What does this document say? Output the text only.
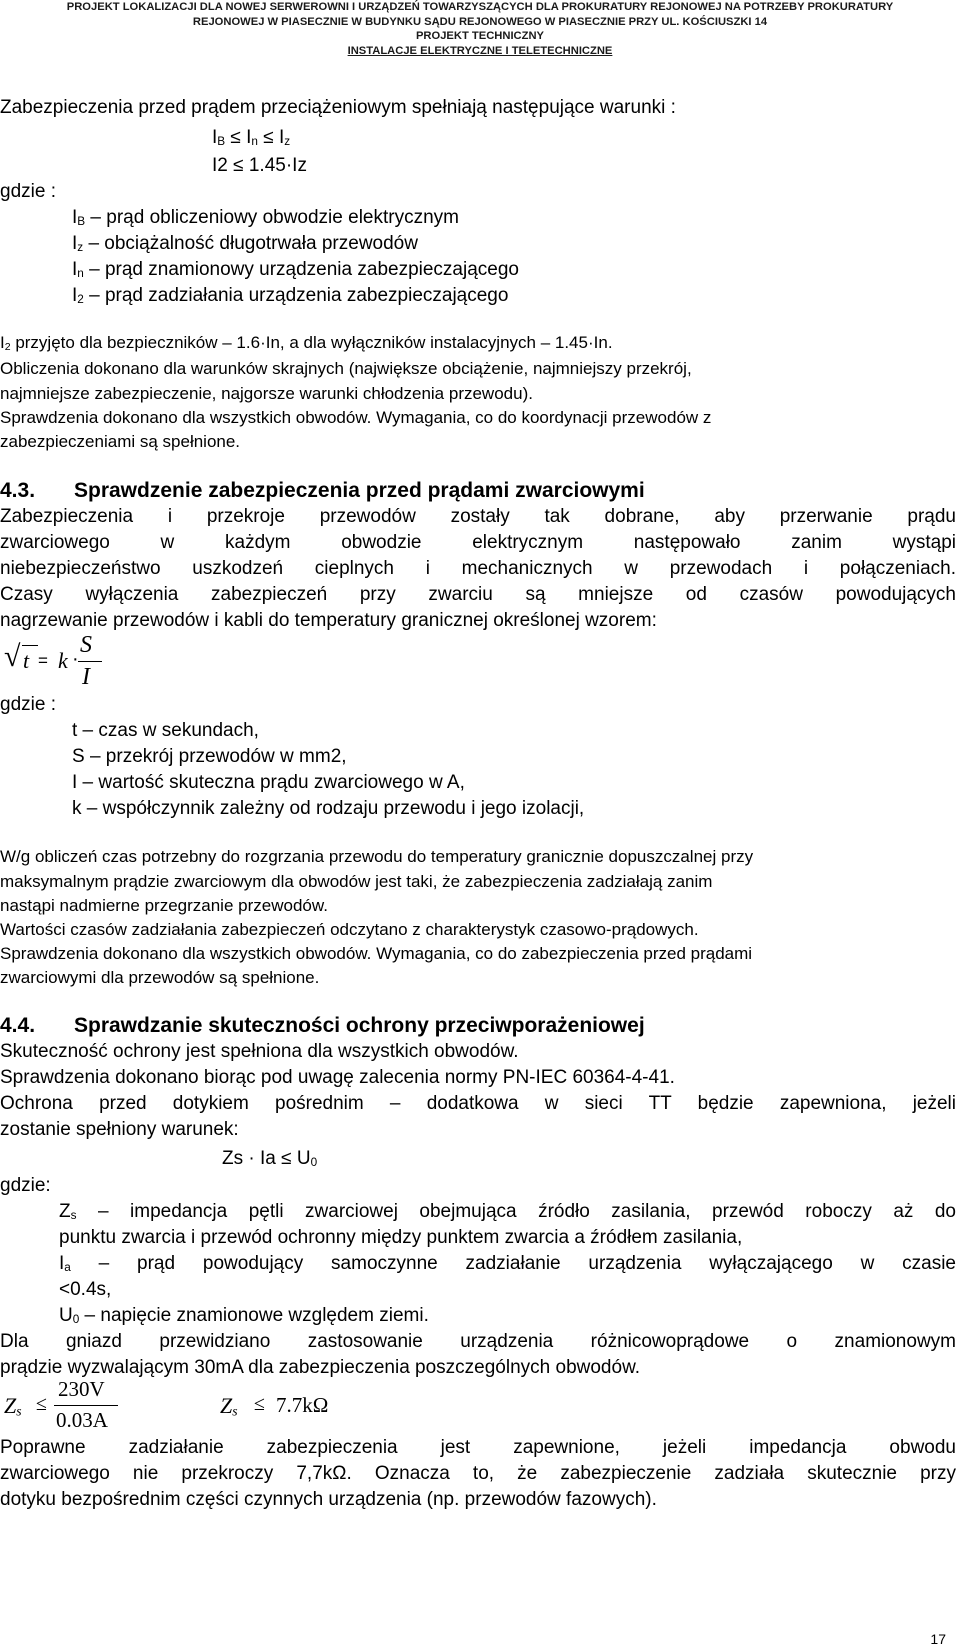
PROJEKT LOKALIZACJI DLA NOWEJ SERWEROWNI I URZĄDZEŃ TOWARZYSZĄCYCH DLA PROKURATURY REJONOWEJ NA POTRZEBY PROKURATURY
REJONOWEJ W PIASECZNIE W BUDYNKU SĄDU REJONOWEGO W PIASECZNIE PRZY UL. KOŚCIUSZKI 14
PROJEKT TECHNICZNY
INSTALACJE ELEKTRYCZNE I TELETECHNICZNE
Zabezpieczenia przed prądem przeciążeniowym spełniają następujące warunki :
$I_B \le I_n \le I_z$
I2 ≤ 1.45·Iz
gdzie :
$I_B$ – prąd obliczeniowy obwodzie elektrycznym
$I_z$ – obciążalność długotrwała przewodów
$I_n$ – prąd znamionowy urządzenia zabezpieczającego
$I_2$ – prąd zadziałania urządzenia zabezpieczającego
$I_2$ przyjęto dla bezpieczników – 1.6·In, a dla wyłączników instalacyjnych – 1.45·In.
Obliczenia dokonano dla warunków skrajnych (największe obciążenie, najmniejszy przekrój,
najmniejsze zabezpieczenie, najgorsze warunki chłodzenia przewodu).
Sprawdzenia dokonano dla wszystkich obwodów. Wymagania, co do koordynacji przewodów z
zabezpieczeniami są spełnione.
4.3. Sprawdzenie zabezpieczenia przed prądami zwarciowymi
Zabezpieczenia i przekroje przewodów zostały tak dobrane, aby przerwanie prądu
zwarciowego w każdym obwodzie elektrycznym następowało zanim wystąpi
niebezpieczeństwo uszkodzeń cieplnych i mechanicznych w przewodach i połączeniach.
Czasy wyłączenia zabezpieczeń przy zwarciu są mniejsze od czasów powodujących
nagrzewanie przewodów i kabli do temperatury granicznej określonej wzorem:
√ t = k ·
S
I
gdzie :
t – czas w sekundach,
S – przekrój przewodów w mm2,
I – wartość skuteczna prądu zwarciowego w A,
k – współczynnik zależny od rodzaju przewodu i jego izolacji,
W/g obliczeń czas potrzebny do rozgrzania przewodu do temperatury granicznie dopuszczalnej przy
maksymalnym prądzie zwarciowym dla obwodów jest taki, że zabezpieczenia zadziałają zanim
nastąpi nadmierne przegrzanie przewodów.
Wartości czasów zadziałania zabezpieczeń odczytano z charakterystyk czasowo-prądowych.
Sprawdzenia dokonano dla wszystkich obwodów. Wymagania, co do zabezpieczenia przed prądami
zwarciowymi dla przewodów są spełnione.
4.4. Sprawdzanie skuteczności ochrony przeciwporażeniowej
Skuteczność ochrony jest spełniona dla wszystkich obwodów.
Sprawdzenia dokonano biorąc pod uwagę zalecenia normy PN-IEC 60364-4-41.
Ochrona przed dotykiem pośrednim – dodatkowa w sieci TT będzie zapewniona, jeżeli
zostanie spełniony warunek:
$Zs \cdot Ia \le U_0$
gdzie:
$Z_s$ – impedancja pętli zwarciowej obejmująca źródło zasilania, przewód roboczy aż do
punktu zwarcia i przewód ochronny między punktem zwarcia a źródłem zasilania,
$I_a$ – prąd powodujący samoczynne zadziałanie urządzenia wyłączającego w czasie
<0.4s,
$U_0$ – napięcie znamionowe względem ziemi.
Dla gniazd przewidziano zastosowanie urządzenia różnicowoprądowe o znamionowym
prądzie wyzwalającym 30mA dla zabezpieczenia poszczególnych obwodów.
$Z_s$ ≤
230V
0.03A
$Z_s \le 7.7k\Omega$
Poprawne zadziałanie zabezpieczenia jest zapewnione, jeżeli impedancja obwodu
zwarciowego nie przekroczy 7,7kΩ. Oznacza to, że zabezpieczenie zadziała skutecznie przy
dotyku bezpośrednim części czynnych urządzenia (np. przewodów fazowych).
17
